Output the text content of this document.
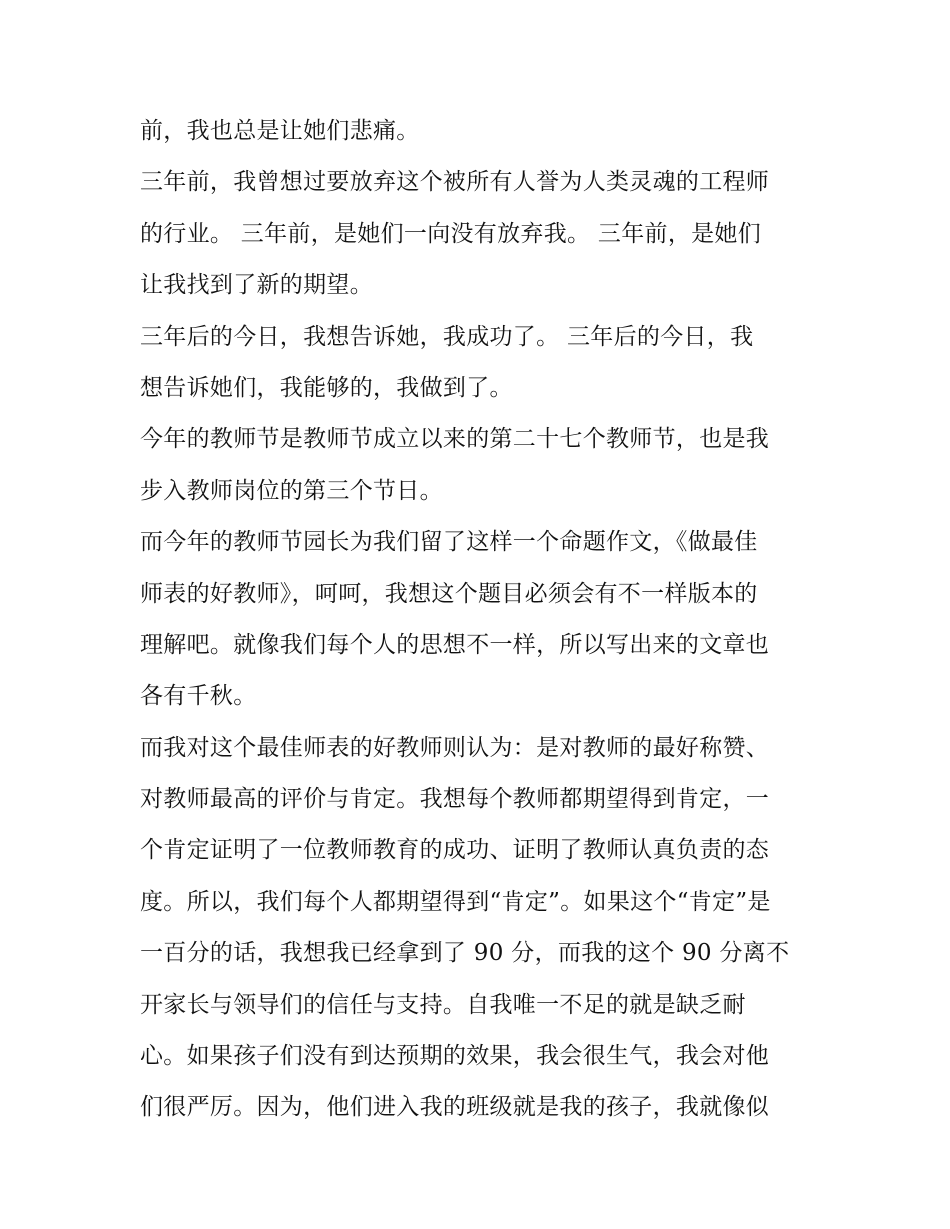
前，我也总是让她们悲痛。
三年前，我曾想过要放弃这个被所有人誉为人类灵魂的工程师
的行业。 三年前，是她们一向没有放弃我。 三年前，是她们
让我找到了新的期望。
三年后的今日，我想告诉她，我成功了。 三年后的今日，我
想告诉她们，我能够的，我做到了。
今年的教师节是教师节成立以来的第二十七个教师节，也是我
步入教师岗位的第三个节日。
而今年的教师节园长为我们留了这样一个命题作文，《做最佳
师表的好教师》，呵呵，我想这个题目必须会有不一样版本的
理解吧。就像我们每个人的思想不一样，所以写出来的文章也
各有千秋。
而我对这个最佳师表的好教师则认为：是对教师的最好称赞、
对教师最高的评价与肯定。我想每个教师都期望得到肯定，一
个肯定证明了一位教师教育的成功、证明了教师认真负责的态
度。所以，我们每个人都期望得到“肯定”。如果这个“肯定”是
一百分的话，我想我已经拿到了 90 分，而我的这个 90 分离不
开家长与领导们的信任与支持。自我唯一不足的就是缺乏耐
心。如果孩子们没有到达预期的效果，我会很生气，我会对他
们很严厉。因为，他们进入我的班级就是我的孩子，我就像似
